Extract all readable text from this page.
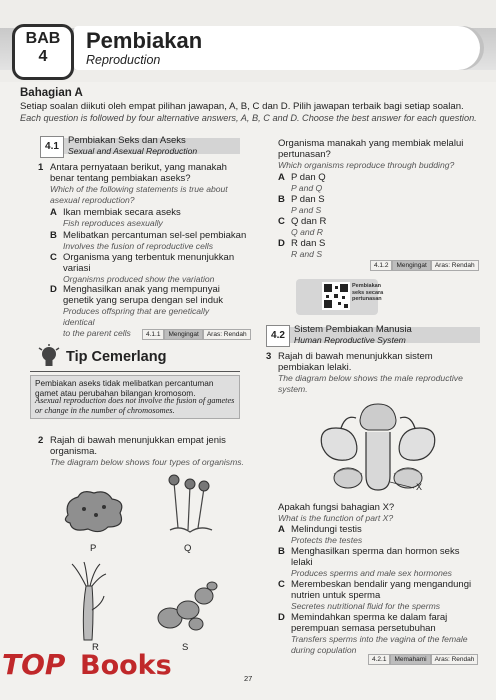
Pembiakan
Reproduction
BAB
4
Bahagian A
Setiap soalan diikuti oleh empat pilihan jawapan, A, B, C dan D. Pilih jawapan terbaik bagi setiap soalan.
Each question is followed by four alternative answers, A, B, C and D. Choose the best answer for each question.
4.1
Pembiakan Seks dan Aseks
Sexual and Asexual Reproduction
1 Antara pernyataan berikut, yang manakah
benar tentang pembiakan aseks?
Which of the following statements is true about
asexual reproduction?
A Ikan membiak secara aseks
Fish reproduces asexually
B Melibatkan percantuman sel-sel pembiakan
Involves the fusion of reproductive cells
C Organisma yang terbentuk menunjukkan
variasi
Organisms produced show the variation
D Menghasilkan anak yang mempunyai
genetik yang serupa dengan sel induk
Produces offspring that are genetically identical
to the parent cells	4.1.1 Mengingat Aras: Rendah
Tip Cemerlang
Pembiakan aseks tidak melibatkan percantuman gamet atau perubahan bilangan kromosom.
Asexual reproduction does not involve the fusion of gametes or change in the number of chromosomes.
2 Rajah di bawah menunjukkan empat jenis
organisma.
The diagram below shows four types of organisms.
P	Q
R	S
Organisma manakah yang membiak melalui
pertunasan?
Which organisms reproduce through budding?
A P dan Q
P and Q
B P dan S
P and S
C Q dan R
Q and R
D R dan S
R and S
4.1.2 Mengingat Aras: Rendah
Pembiakan
seks secara
pertunasan
4.2
Sistem Pembiakan Manusia
Human Reproductive System
3 Rajah di bawah menunjukkan sistem
pembiakan lelaki.
The diagram below shows the male reproductive
system.
X
Apakah fungsi bahagian X?
What is the function of part X?
A Melindungi testis
Protects the testes
B Menghasilkan sperma dan hormon seks
lelaki
Produces sperms and male sex hormones
C Merembeskan bendalir yang mengandungi
nutrien untuk sperma
Secretes nutritional fluid for the sperms
D Memindahkan sperma ke dalam faraj
perempuan semasa persetubuhan
Transfers sperms into the vagina of the female
during copulation
4.2.1 Memahami Aras: Rendah
27
TOP Books
